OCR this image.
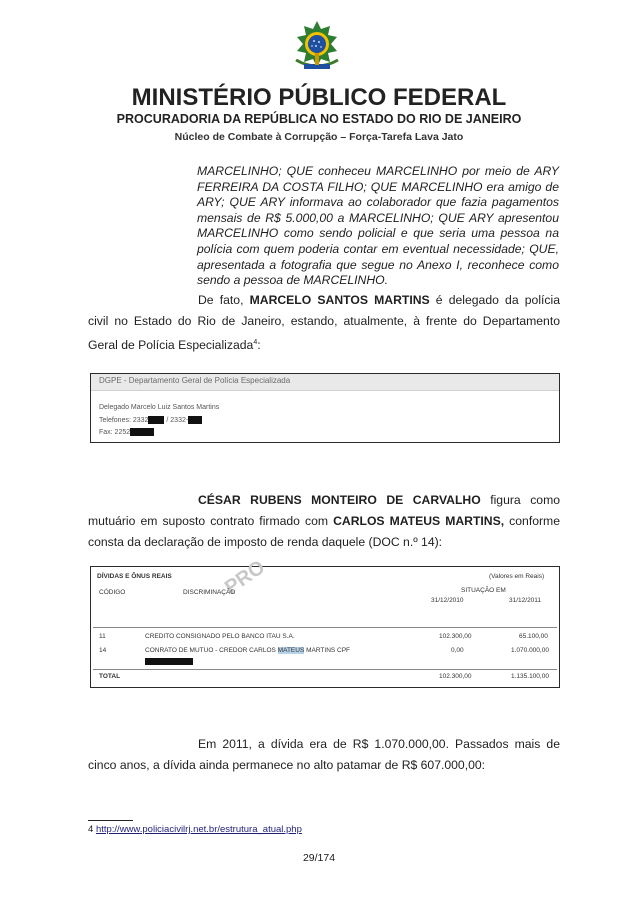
MINISTÉRIO PÚBLICO FEDERAL

PROCURADORIA DA REPÚBLICA NO ESTADO DO RIO DE JANEIRO

Núcleo de Combate à Corrupção – Força-Tarefa Lava Jato

MARCELINHO; QUE conheceu MARCELINHO por meio de ARY FERREIRA DA COSTA FILHO; QUE MARCELINHO era amigo de ARY; QUE ARY informava ao colaborador que fazia pagamentos mensais de R$ 5.000,00 a MARCELINHO; QUE ARY apresentou MARCELINHO como sendo policial e que seria uma pessoa na polícia com quem poderia contar em eventual necessidade; QUE, apresentada a fotografia que segue no Anexo I, reconhece como sendo a pessoa de MARCELINHO.

De fato, MARCELO SANTOS MARTINS é delegado da polícia civil no Estado do Rio de Janeiro, estando, atualmente, à frente do Departamento Geral de Polícia Especializada$^4$:

DGPE - Departamento Geral de Polícia Especializada
Delegado Marcelo Luiz Santos Martins
Telefones: 2332	/ 2332-
Fax: 2252

CÉSAR RUBENS MONTEIRO DE CARVALHO figura como mutuário em suposto contrato firmado com CARLOS MATEUS MARTINS, conforme consta da declaração de imposto de renda daquele (DOC n.º 14):

PRO
DÍVIDAS E ÔNUS REAIS	(Valores em Reais)
CÓDIGO	DISCRIMINAÇÃO	SITUAÇÃO EM
31/12/2010	31/12/2011
11	CREDITO CONSIGNADO PELO BANCO ITAU S.A.	102.300,00	65.100,00
14	CONRATO DE MUTUO - CREDOR CARLOS MATEUS MARTINS CPF	0,00	1.070.000,00
TOTAL	102.300,00	1.135.100,00

Em 2011, a dívida era de R$ 1.070.000,00. Passados mais de cinco anos, a dívida ainda permanece no alto patamar de R$ 607.000,00:

4 http://www.policiacivilrj.net.br/estrutura_atual.php

29/174
